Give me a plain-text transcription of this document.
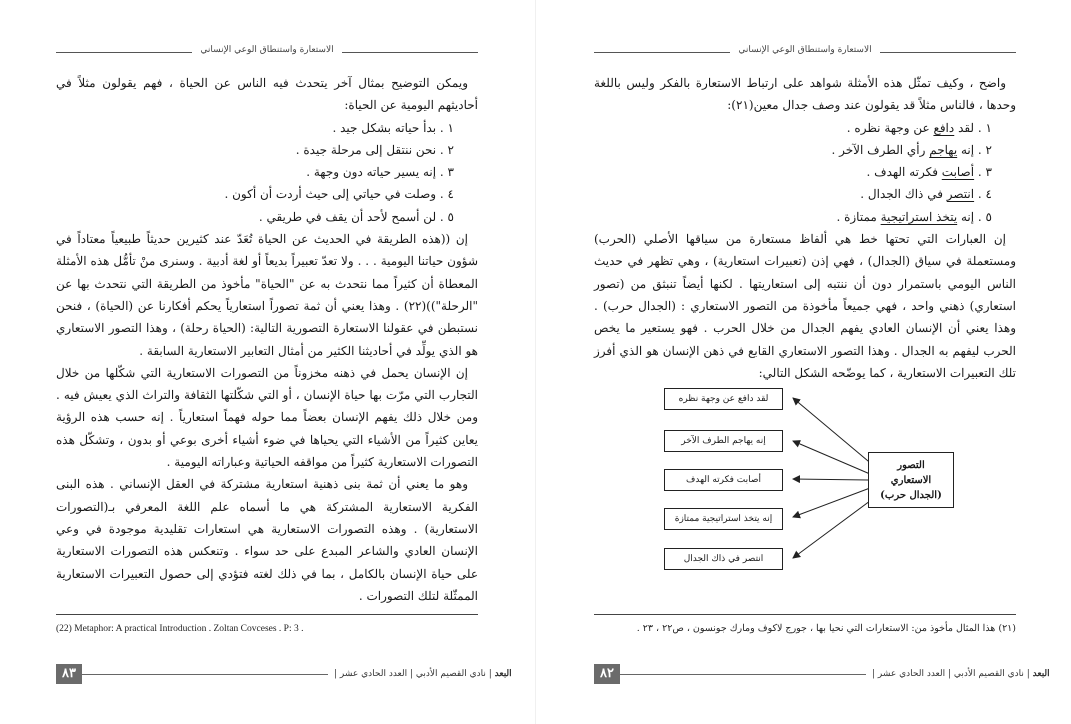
الاستعارة واستنطاق الوعي الإنساني

ويمكن التوضيح بمثال آخر يتحدث فيه الناس عن الحياة ، فهم يقولون مثلاً في أحاديثهم اليومية عن الحياة:

١ . بدأ حياته بشكل جيد .
٢ . نحن ننتقل إلى مرحلة جيدة .
٣ . إنه يسير حياته دون وجهة .
٤ . وصلت في حياتي إلى حيث أردت أن أكون .
٥ . لن أسمح لأحد أن يقف في طريقي .

إن ((هذه الطريقة في الحديث عن الحياة تُعَدّ عند كثيرين حديثاً طبيعياً معتاداً في شؤون حياتنا اليومية . . . ولا تعدّ تعبيراً بديعاً أو لغة أدبية . وسنرى منْ تأمُّل هذه الأمثلة المعطاة أن كثيراً مما نتحدث به عن "الحياة" مأخوذ من الطريقة التي نتحدث بها عن "الرحلة"))(٢٢) . وهذا يعني أن ثمة تصوراً استعارياً يحكم أفكارنا عن (الحياة) ، فنحن نستبطن في عقولنا الاستعارة التصورية التالية: (الحياة رحلة) ، وهذا التصور الاستعاري هو الذي يولِّد في أحاديثنا الكثير من أمثال التعابير الاستعارية السابقة .

إن الإنسان يحمل في ذهنه مخزوناً من التصورات الاستعارية التي شكّلها من خلال التجارب التي مرّت بها حياة الإنسان ، أو التي شكّلتها الثقافة والتراث الذي يعيش فيه . ومن خلال ذلك يفهم الإنسان بعضاً مما حوله فهماً استعارياً . إنه حسب هذه الرؤية يعاين كثيراً من الأشياء التي يحياها في ضوء أشياء أخرى بوعي أو بدون ، وتشكّل هذه التصورات الاستعارية كثيراً من مواقفه الحياتية وعباراته اليومية .

وهو ما يعني أن ثمة بنى ذهنية استعارية مشتركة في العقل الإنساني . هذه البنى الفكرية الاستعارية المشتركة هي ما أسماه علم اللغة المعرفي بـ(التصورات الاستعارية) . وهذه التصورات الاستعارية هي استعارات تقليدية موجودة في وعي الإنسان العادي والشاعر المبدع على حد سواء . وتنعكس هذه التصورات الاستعارية على حياة الإنسان بالكامل ، بما في ذلك لغته فتؤدي إلى حصول التعبيرات الاستعارية الممثّلة لتلك التصورات .

(22) Metaphor: A practical Introduction . Zoltan Covceses . P: 3 .
البعد | نادي القصيم الأدبي | العدد الحادي عشر |
٨٣
الاستعارة واستنطاق الوعي الإنساني

واضح ، وكيف تمثّل هذه الأمثلة شواهد على ارتباط الاستعارة بالفكر وليس باللغة وحدها ، فالناس مثلاً قد يقولون عند وصف جدال معين(٢١):

١ . لقد دافع عن وجهة نظره .
٢ . إنه يهاجم رأي الطرف الآخر .
٣ . أصابت فكرته الهدف .
٤ . انتصر في ذاك الجدال .
٥ . إنه يتخذ استراتيجية ممتازة .

إن العبارات التي تحتها خط هي ألفاظ مستعارة من سياقها الأصلي (الحرب) ومستعملة في سياق (الجدال) ، فهي إذن (تعبيرات استعارية) ، وهي تظهر في حديث الناس اليومي باستمرار دون أن ننتبه إلى استعاريتها . لكنها أيضاً تنبثق من (تصور استعاري) ذهني واحد ، فهي جميعاً مأخوذة من التصور الاستعاري : (الجدال حرب) . وهذا يعني أن الإنسان العادي يفهم الجدال من خلال الحرب . فهو يستعير ما يخص الحرب ليفهم به الجدال . وهذا التصور الاستعاري القابع في ذهن الإنسان هو الذي أفرز تلك التعبيرات الاستعارية ، كما يوضّحه الشكل التالي:

لقد دافع عن وجهة نظره
إنه يهاجم الطرف الآخر
أصابت فكرته الهدف
إنه يتخذ استراتيجية ممتازة
انتصر في ذاك الجدال
التصور
الاستعاري
(الجدال حرب)
(٢١) هذا المثال مأخوذ من: الاستعارات التي نحيا بها ، جورج لاكوف ومارك جونسون ، ص٢٢ ، ٢٣ .
البعد | نادي القصيم الأدبي | العدد الحادي عشر |
٨٢
